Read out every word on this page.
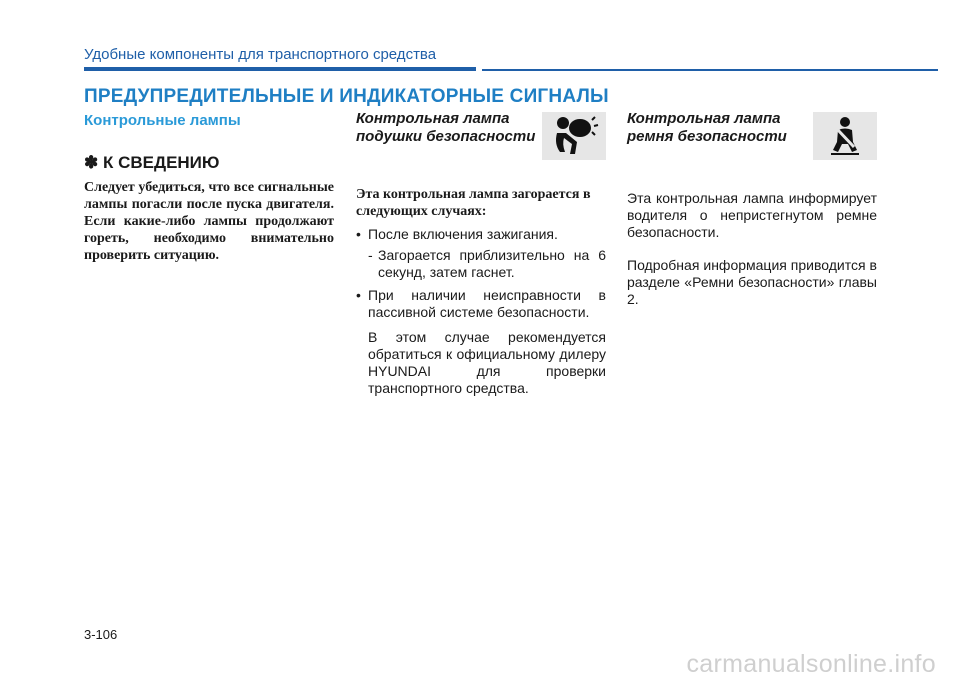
Удобные компоненты для транспортного средства
ПРЕДУПРЕДИТЕЛЬНЫЕ И ИНДИКАТОРНЫЕ СИГНАЛЫ
Контрольные лампы
✽ К СВЕДЕНИЮ
Следует убедиться, что все сигнальные лампы погасли после пуска двигателя. Если какие-либо лампы продолжают гореть, необходимо внимательно проверить ситуацию.
Контрольная лампа подушки безопасности
Эта контрольная лампа загорается в следующих случаях:
• После включения зажигания.
- Загорается приблизительно на 6 секунд, затем гаснет.
• При наличии неисправности в пассивной системе безопасности.
В этом случае рекомендуется обратиться к официальному дилеру HYUNDAI для проверки транспортного средства.
Контрольная лампа ремня безопасности
Эта контрольная лампа информирует водителя о непристегнутом ремне безопасности.
Подробная информация приводится в разделе «Ремни безопасности» главы 2.
3-106
carmanualsonline.info
